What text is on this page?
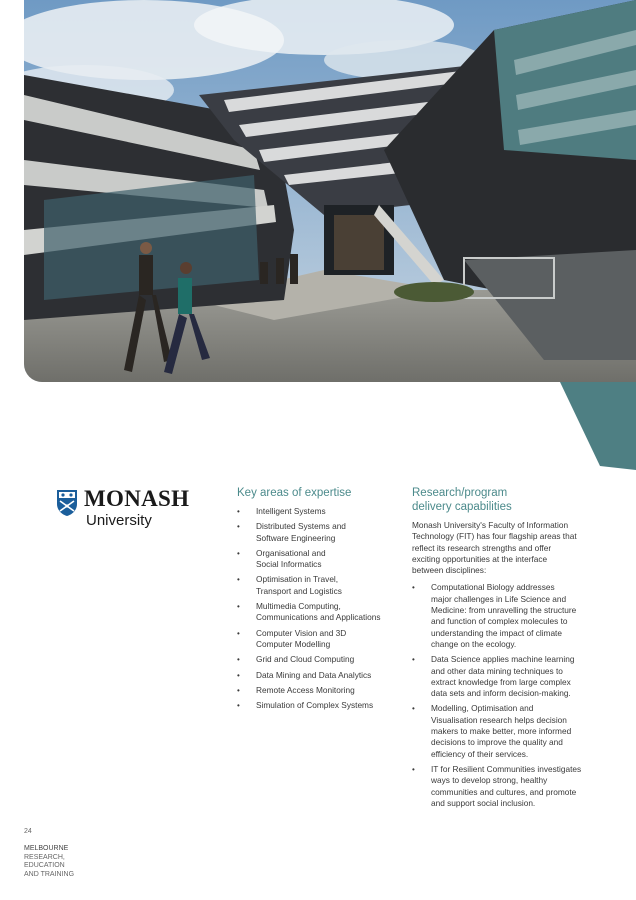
MONASH
University
Key areas of expertise
• Intelligent Systems
• Distributed Systems and
Software Engineering
• Organisational and
Social Informatics
• Optimisation in Travel,
Transport and Logistics
• Multimedia Computing,
Communications and Applications
• Computer Vision and 3D
Computer Modelling
• Grid and Cloud Computing
• Data Mining and Data Analytics
• Remote Access Monitoring
• Simulation of Complex Systems
Research/program
delivery capabilities

Monash University's Faculty of Information
Technology (FIT) has four flagship areas that
reflect its research strengths and offer
exciting opportunities at the interface
between disciplines:

• Computational Biology addresses
major challenges in Life Science and
Medicine: from unravelling the structure
and function of complex molecules to
understanding the impact of climate
change on the ecology.
• Data Science applies machine learning
and other data mining techniques to
extract knowledge from large complex
data sets and inform decision-making.
• Modelling, Optimisation and
Visualisation research helps decision
makers to make better, more informed
decisions to improve the quality and
efficiency of their services.
• IT for Resilient Communities investigates
ways to develop strong, healthy
communities and cultures, and promote
and support social inclusion.
24
MELBOURNE
RESEARCH,
EDUCATION
AND TRAINING
